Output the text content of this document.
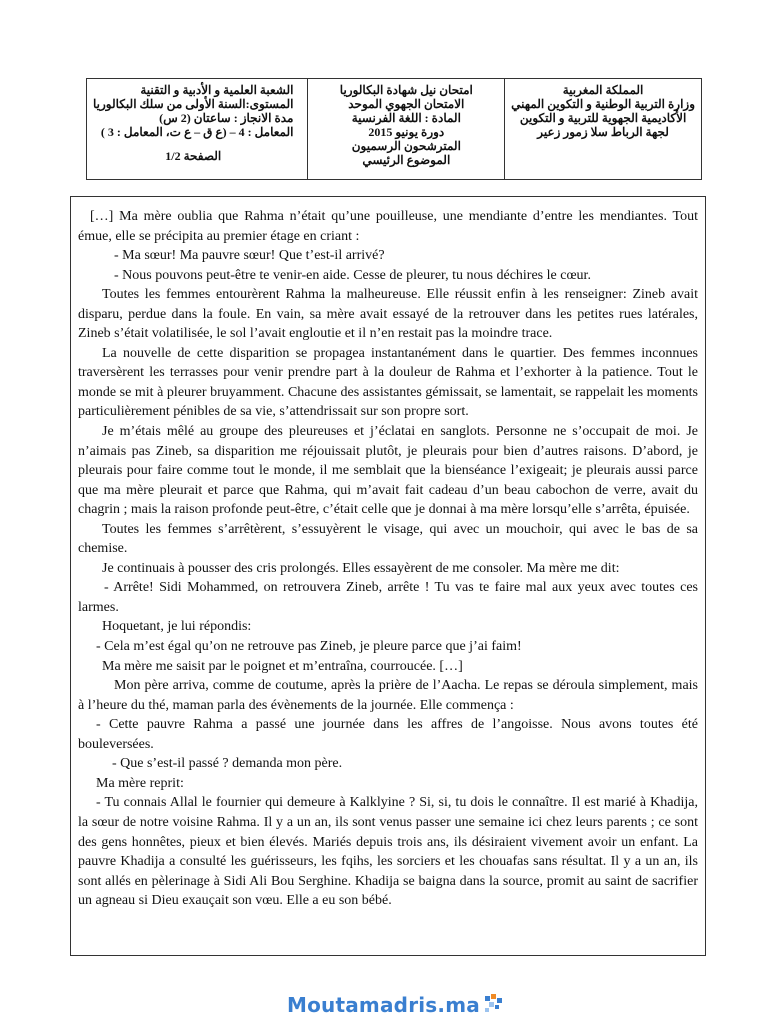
المملكة المغربية
وزارة التربية الوطنية و التكوين المهني
الأكاديمية الجهوية للتربية و التكوين
لجهة الرباط سلا زمور زعير
امتحان نيل شهادة البكالوريا
الامتحان الجهوي الموحد
المادة : اللغة الفرنسية
دورة يونيو 2015
المترشحون الرسميون
الموضوع الرئيسي
الشعبة العلمية و الأدبية و التقنية
المستوى:السنة الأولى من سلك البكالوريا
مدة الانجاز : ساعتان (2 س)
المعامل : 4 – (ع ق – ع ت، المعامل : 3 )
الصفحة 1/2

[…] Ma mère oublia que Rahma n’était qu’une pouilleuse, une mendiante d’entre les mendiantes. Tout émue, elle se précipita au premier étage en criant :

- Ma sœur! Ma pauvre sœur! Que t’est-il arrivé?

- Nous pouvons peut-être te venir-en aide. Cesse de pleurer, tu nous déchires le cœur.

Toutes les femmes entourèrent Rahma la malheureuse. Elle réussit enfin à les renseigner: Zineb avait disparu, perdue dans la foule. En vain, sa mère avait essayé de la retrouver dans les petites rues latérales, Zineb s’était volatilisée, le sol l’avait engloutie et il n’en restait pas la moindre trace.

La nouvelle de cette disparition se propagea instantanément dans le quartier. Des femmes inconnues traversèrent les terrasses pour venir prendre part à la douleur de Rahma et l’exhorter à la patience. Tout le monde se mit à pleurer bruyamment. Chacune des assistantes gémissait, se lamentait, se rappelait les moments particulièrement pénibles de sa vie, s’attendrissait sur son propre sort.

Je m’étais mêlé au groupe des pleureuses et j’éclatai en sanglots. Personne ne s’occupait de moi. Je n’aimais pas Zineb, sa disparition me réjouissait plutôt, je pleurais pour bien d’autres raisons. D’abord, je pleurais pour faire comme tout le monde, il me semblait que la bienséance l’exigeait; je pleurais aussi parce que ma mère pleurait et parce que Rahma, qui m’avait fait cadeau d’un beau cabochon de verre, avait du chagrin ; mais la raison profonde peut-être, c’était celle que je donnai à ma mère lorsqu’elle s’arrêta, épuisée.

Toutes les femmes s’arrêtèrent, s’essuyèrent le visage, qui avec un mouchoir, qui avec le bas de sa chemise.

Je continuais à pousser des cris prolongés. Elles essayèrent de me consoler. Ma mère me dit:

- Arrête! Sidi Mohammed, on retrouvera Zineb, arrête ! Tu vas te faire mal aux yeux avec toutes ces larmes.

Hoquetant, je lui répondis:

- Cela m’est égal qu’on ne retrouve pas Zineb, je pleure parce que j’ai faim!

Ma mère me saisit par le poignet et m’entraîna, courroucée. […]

Mon père arriva, comme de coutume, après la prière de l’Aacha. Le repas se déroula simplement, mais à l’heure du thé, maman parla des évènements de la journée. Elle commença :

- Cette pauvre Rahma a passé une journée dans les affres de l’angoisse. Nous avons toutes été bouleversées.

- Que s’est-il passé ? demanda mon père.

Ma mère reprit:

- Tu connais Allal le fournier qui demeure à Kalklyine ? Si, si, tu dois le connaître. Il est marié à Khadija, la sœur de notre voisine Rahma. Il y a un an, ils sont venus passer une semaine ici chez leurs parents ; ce sont des gens honnêtes, pieux et bien élevés. Mariés depuis trois ans, ils désiraient vivement avoir un enfant. La pauvre Khadija a consulté les guérisseurs, les fqihs, les sorciers et les chouafas sans résultat. Il y a un an, ils sont allés en pèlerinage à Sidi Ali Bou Serghine. Khadija se baigna dans la source, promit au saint de sacrifier un agneau si Dieu exauçait son vœu. Elle a eu son bébé.

Moutamadris.ma
